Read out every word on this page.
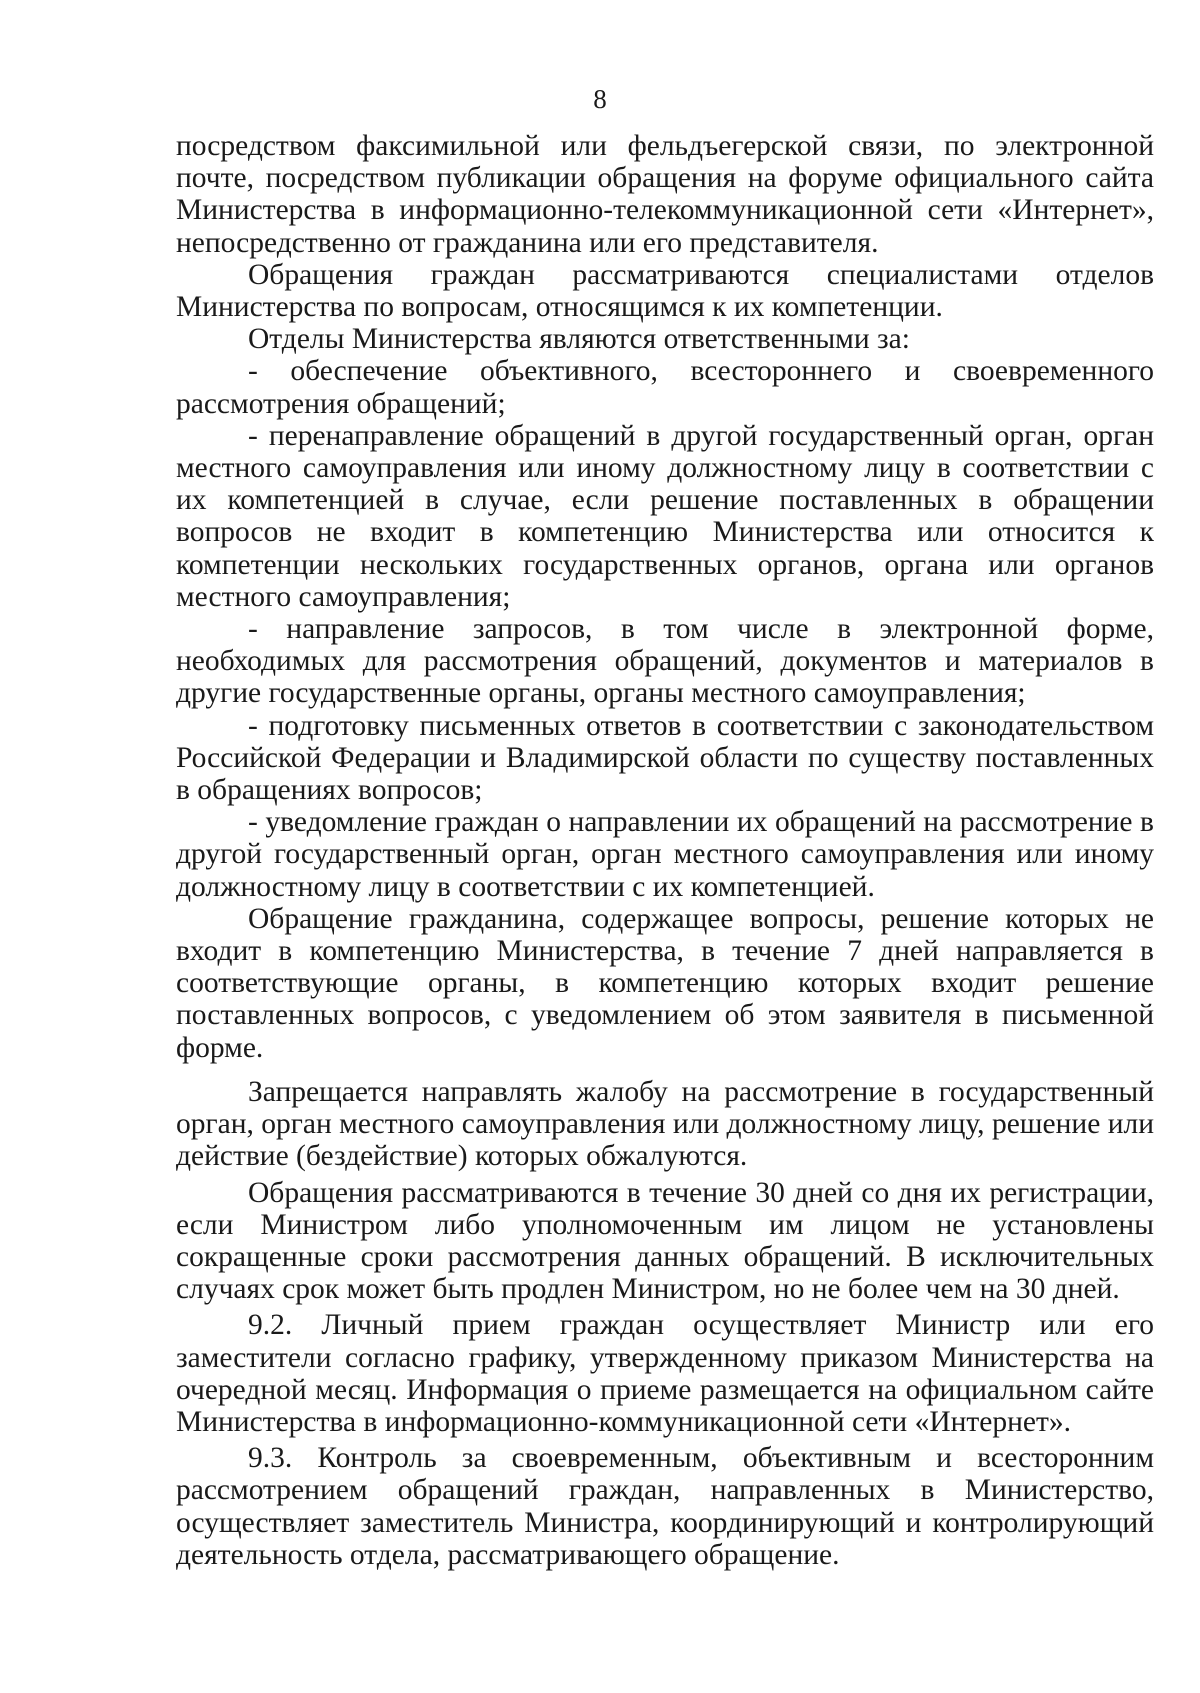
8

посредством факсимильной или фельдъегерской связи, по электронной почте, посредством публикации обращения на форуме официального сайта Министерства в информационно-телекоммуникационной сети «Интернет», непосредственно от гражданина или его представителя.

Обращения граждан рассматриваются специалистами отделов Министерства по вопросам, относящимся к их компетенции.

Отделы Министерства являются ответственными за:

- обеспечение объективного, всестороннего и своевременного рассмотрения обращений;

- перенаправление обращений в другой государственный орган, орган местного самоуправления или иному должностному лицу в соответствии с их компетенцией в случае, если решение поставленных в обращении вопросов не входит в компетенцию Министерства или относится к компетенции нескольких государственных органов, органа или органов местного самоуправления;

- направление запросов, в том числе в электронной форме, необходимых для рассмотрения обращений, документов и материалов в другие государственные органы, органы местного самоуправления;

- подготовку письменных ответов в соответствии с законодательством Российской Федерации и Владимирской области по существу поставленных в обращениях вопросов;

- уведомление граждан о направлении их обращений на рассмотрение в другой государственный орган, орган местного самоуправления или иному должностному лицу в соответствии с их компетенцией.

Обращение гражданина, содержащее вопросы, решение которых не входит в компетенцию Министерства, в течение 7 дней направляется в соответствующие органы, в компетенцию которых входит решение поставленных вопросов, с уведомлением об этом заявителя в письменной форме.

Запрещается направлять жалобу на рассмотрение в государственный орган, орган местного самоуправления или должностному лицу, решение или действие (бездействие) которых обжалуются.

Обращения рассматриваются в течение 30 дней со дня их регистрации, если Министром либо уполномоченным им лицом не установлены сокращенные сроки рассмотрения данных обращений. В исключительных случаях срок может быть продлен Министром, но не более чем на 30 дней.

9.2. Личный прием граждан осуществляет Министр или его заместители согласно графику, утвержденному приказом Министерства на очередной месяц. Информация о приеме размещается на официальном сайте Министерства в информационно-коммуникационной сети «Интернет».

9.3. Контроль за своевременным, объективным и всесторонним рассмотрением обращений граждан, направленных в Министерство, осуществляет заместитель Министра, координирующий и контролирующий деятельность отдела, рассматривающего обращение.
